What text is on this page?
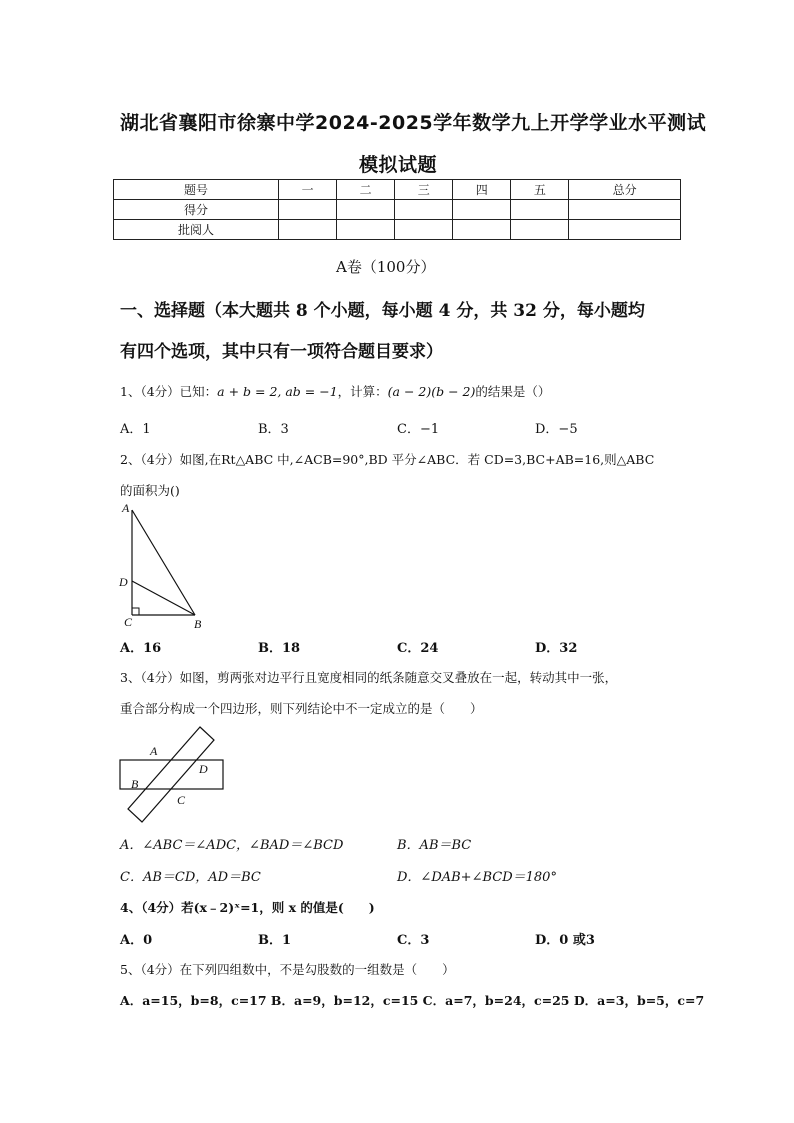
湖北省襄阳市徐寨中学2024-2025学年数学九上开学学业水平测试
模拟试题
题号	一	二	三	四	五	总分
得分						
批阅人						
A卷（100分）
一、选择题（本大题共 8 个小题，每小题 4 分，共 32 分，每小题均
有四个选项，其中只有一项符合题目要求）
1、（4分）已知：a + b = 2, ab = −1，计算：(a − 2)(b − 2)的结果是（）
A．1	B．3	C．−1	D．−5
2、（4分）如图,在Rt△ABC 中,∠ACB=90°,BD 平分∠ABC．若 CD=3,BC+AB=16,则△ABC
的面积为()
A
D
C	B
A．16	B．18	C．24	D．32
3、（4分）如图，剪两张对边平行且宽度相同的纸条随意交叉叠放在一起，转动其中一张，
重合部分构成一个四边形，则下列结论中不一定成立的是（　　）
A
B
C
D
A．∠ABC＝∠ADC，∠BAD＝∠BCD	B．AB＝BC
C．AB＝CD，AD＝BC	D．∠DAB+∠BCD＝180°
4、（4分）若(x﹣2)ˣ=1，则 x 的值是(　　)
A．0	B．1	C．3	D．0 或3
5、（4分）在下列四组数中，不是勾股数的一组数是（　　）
A．a=15，b=8，c=17 B．a=9，b=12，c=15 C．a=7，b=24，c=25 D．a=3，b=5，c=7
